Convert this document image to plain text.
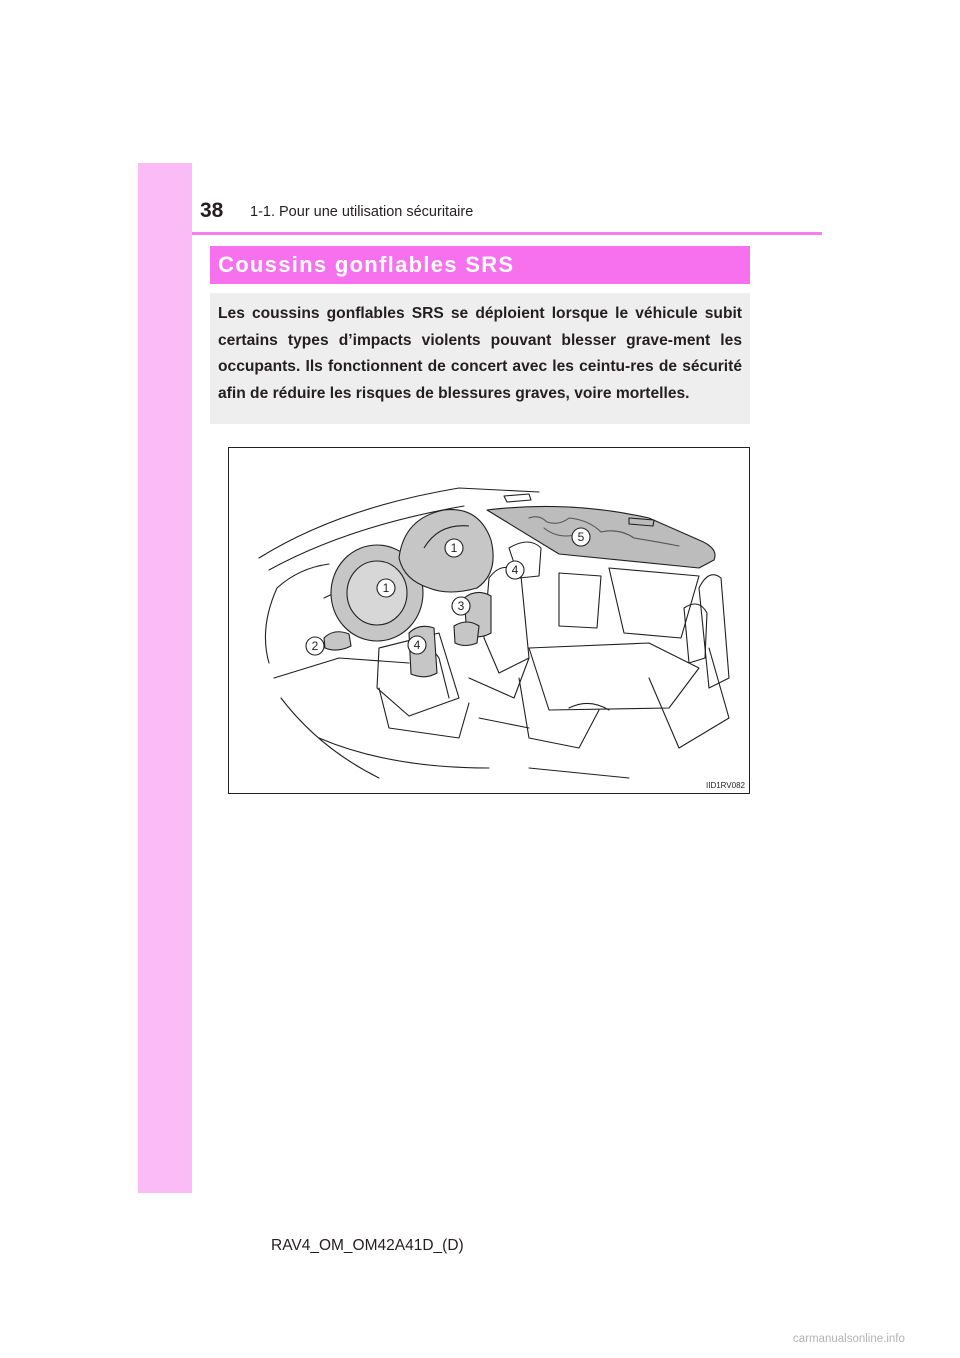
38 1-1. Pour une utilisation sécuritaire
Coussins gonflables SRS

Les coussins gonflables SRS se déploient lorsque le véhicule subit certains types d’impacts violents pouvant blesser grave-ment les occupants. Ils fonctionnent de concert avec les ceintu-res de sécurité afin de réduire les risques de blessures graves, voire mortelles.

1
1
2
3
4
4
5
IID1RV082
RAV4_OM_OM42A41D_(D)
carmanualsonline.info
